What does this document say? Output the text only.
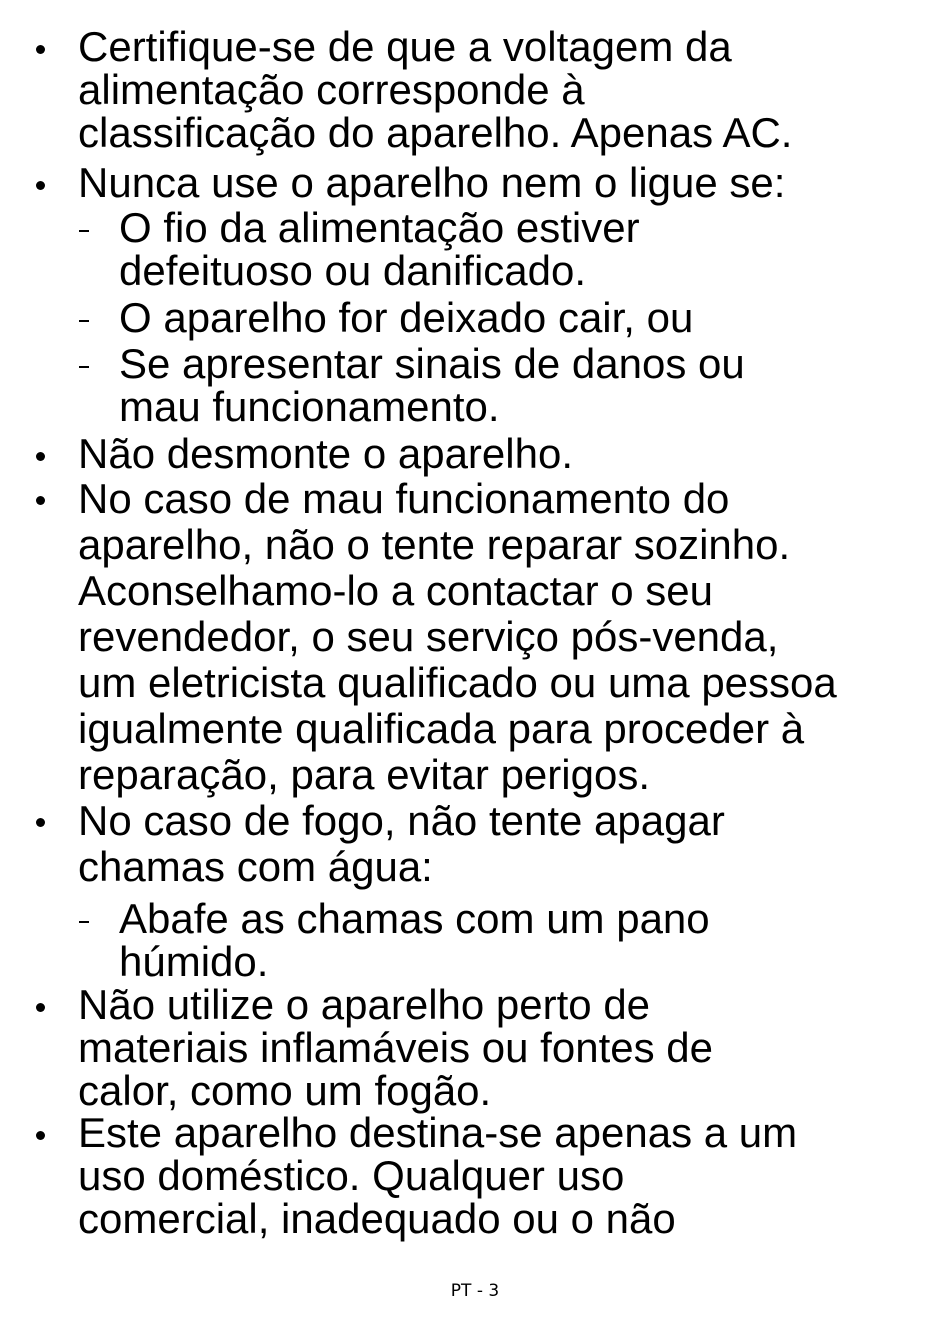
Certifique-se de que a voltagem da
alimentação corresponde à
classificação do aparelho. Apenas AC.
Nunca use o aparelho nem o ligue se:
O fio da alimentação estiver
defeituoso ou danificado.
O aparelho for deixado cair, ou
Se apresentar sinais de danos ou
mau funcionamento.
Não desmonte o aparelho.
No caso de mau funcionamento do
aparelho, não o tente reparar sozinho.
Aconselhamo-lo a contactar o seu
revendedor, o seu serviço pós-venda,
um eletricista qualificado ou uma pessoa
igualmente qualificada para proceder à
reparação, para evitar perigos.
No caso de fogo, não tente apagar
chamas com água:
Abafe as chamas com um pano
húmido.
Não utilize o aparelho perto de
materiais inflamáveis ou fontes de
calor, como um fogão.
Este aparelho destina-se apenas a um
uso doméstico. Qualquer uso
comercial, inadequado ou o não
PT - 3
